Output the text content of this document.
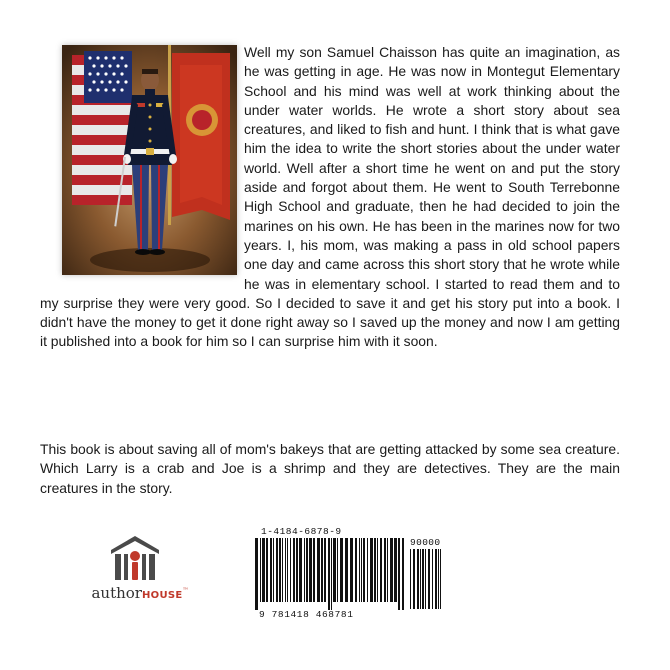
Well my son Samuel Chaisson has quite an imagination, as he was getting in age. He was now in Montegut Elementary School and his mind was well at work thinking about the under water worlds. He wrote a short story about sea creatures, and liked to fish and hunt. I think that is what gave him the idea to write the short stories about the under water world. Well after a short time he went on and put the story aside and forgot about them. He went to South Terrebonne High School and graduate, then he had decided to join the marines on his own. He has been in the marines now for two years. I, his mom, was making a pass in old school papers one day and came across this short story that he wrote while he was in elementary school. I started to read them and to my surprise they were very good. So I decided to save it and get his story put into a book. I didn't have the money to get it done right away so I saved up the money and now I am getting it published into a book for him so I can surprise him with it soon.
This book is about saving all of mom's bakeys that are getting attacked by some sea creature. Which Larry is a crab and Joe is a shrimp and they are detectives. They are the main creatures in the story.
authorHOUSE™
1-4184-6878-9
9 781418 468781
90000
